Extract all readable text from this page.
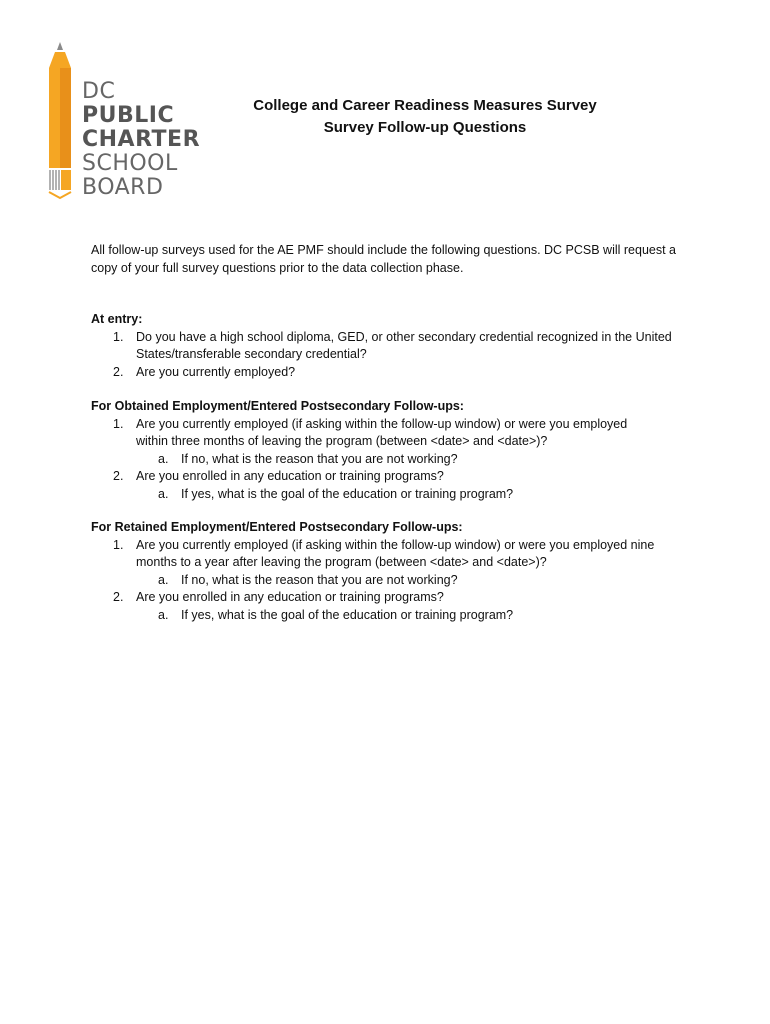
DC
PUBLIC
CHARTER
SCHOOL
BOARD
College and Career Readiness Measures Survey
Survey Follow-up Questions
All follow-up surveys used for the AE PMF should include the following questions. DC PCSB will request a
copy of your full survey questions prior to the data collection phase.
At entry:
1. Do you have a high school diploma, GED, or other secondary credential recognized in the United
States/transferable secondary credential?
2. Are you currently employed?
For Obtained Employment/Entered Postsecondary Follow-ups:
1. Are you currently employed (if asking within the follow-up window) or were you employed
within three months of leaving the program (between <date> and <date>)?
a. If no, what is the reason that you are not working?
2. Are you enrolled in any education or training programs?
a. If yes, what is the goal of the education or training program?
For Retained Employment/Entered Postsecondary Follow-ups:
1. Are you currently employed (if asking within the follow-up window) or were you employed nine
months to a year after leaving the program (between <date> and <date>)?
a. If no, what is the reason that you are not working?
2. Are you enrolled in any education or training programs?
a. If yes, what is the goal of the education or training program?
